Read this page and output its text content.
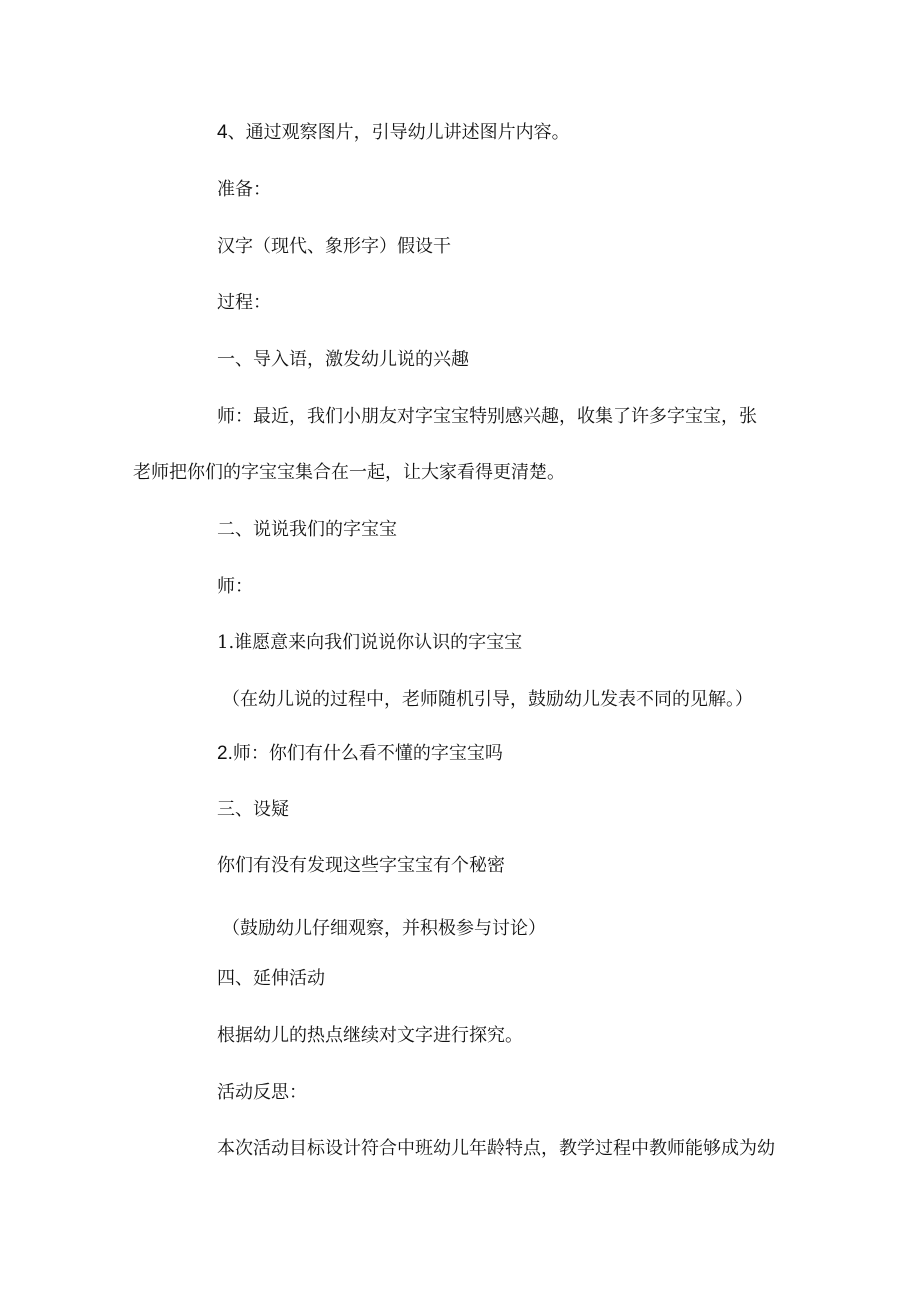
4、通过观察图片，引导幼儿讲述图片内容。

准备：

汉字（现代、象形字）假设干

过程：

一、导入语，激发幼儿说的兴趣

师：最近，我们小朋友对字宝宝特别感兴趣，收集了许多字宝宝，张

老师把你们的字宝宝集合在一起，让大家看得更清楚。

二、说说我们的字宝宝

师：

1.谁愿意来向我们说说你认识的字宝宝

（在幼儿说的过程中，老师随机引导，鼓励幼儿发表不同的见解。）

2.师：你们有什么看不懂的字宝宝吗

三、设疑

你们有没有发现这些字宝宝有个秘密

（鼓励幼儿仔细观察，并积极参与讨论）

四、延伸活动

根据幼儿的热点继续对文字进行探究。

活动反思：

本次活动目标设计符合中班幼儿年龄特点，教学过程中教师能够成为幼
